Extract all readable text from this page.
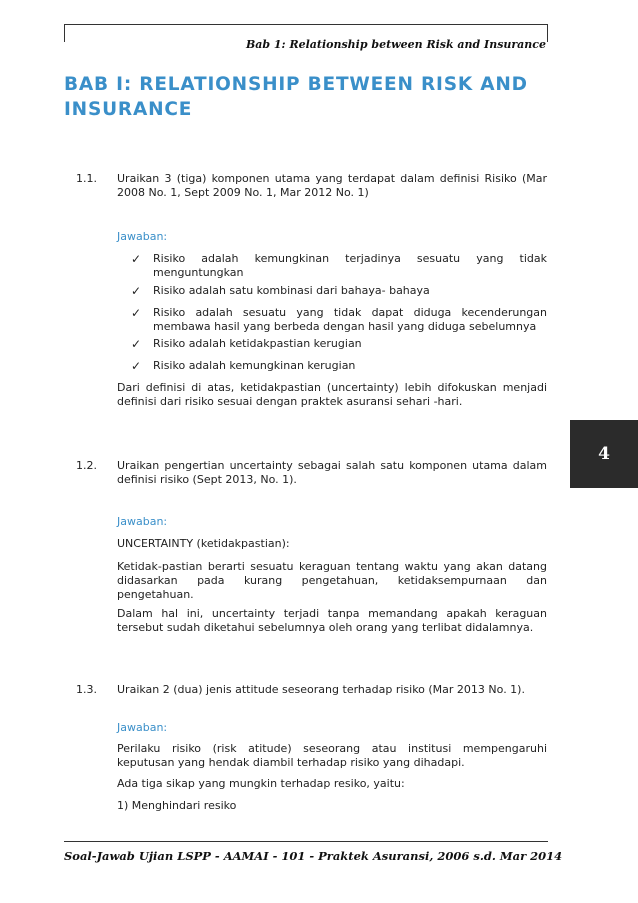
Bab 1: Relationship between Risk and Insurance
BAB I: RELATIONSHIP BETWEEN RISK AND INSURANCE
4
1.1. Uraikan 3 (tiga) komponen utama yang terdapat dalam definisi Risiko (Mar 2008 No. 1, Sept 2009 No. 1, Mar 2012 No. 1)
Jawaban:
✓	Risiko adalah kemungkinan terjadinya sesuatu yang tidak menguntungkan
✓	Risiko adalah satu kombinasi dari bahaya- bahaya
✓	Risiko adalah sesuatu yang tidak dapat diduga kecenderungan membawa hasil yang berbeda dengan hasil yang diduga sebelumnya
✓	Risiko adalah ketidakpastian kerugian
✓	Risiko adalah kemungkinan kerugian
Dari definisi di atas, ketidakpastian (uncertainty) lebih difokuskan menjadi definisi dari risiko sesuai dengan praktek asuransi sehari -hari.
1.2. Uraikan pengertian uncertainty sebagai salah satu komponen utama dalam definisi risiko (Sept 2013, No. 1).
Jawaban:
UNCERTAINTY (ketidakpastian):
Ketidak-pastian berarti sesuatu keraguan tentang waktu yang akan datang didasarkan pada kurang pengetahuan, ketidaksempurnaan dan pengetahuan.
Dalam hal ini, uncertainty terjadi tanpa memandang apakah keraguan tersebut sudah diketahui sebelumnya oleh orang yang terlibat didalamnya.
1.3. Uraikan 2 (dua) jenis attitude seseorang terhadap risiko (Mar 2013 No. 1).
Jawaban:
Perilaku risiko (risk atitude) seseorang atau institusi mempengaruhi keputusan yang hendak diambil terhadap risiko yang dihadapi.
Ada tiga sikap yang mungkin terhadap resiko, yaitu:
1) Menghindari resiko
Soal-Jawab Ujian LSPP - AAMAI - 101 - Praktek Asuransi, 2006 s.d. Mar 2014
